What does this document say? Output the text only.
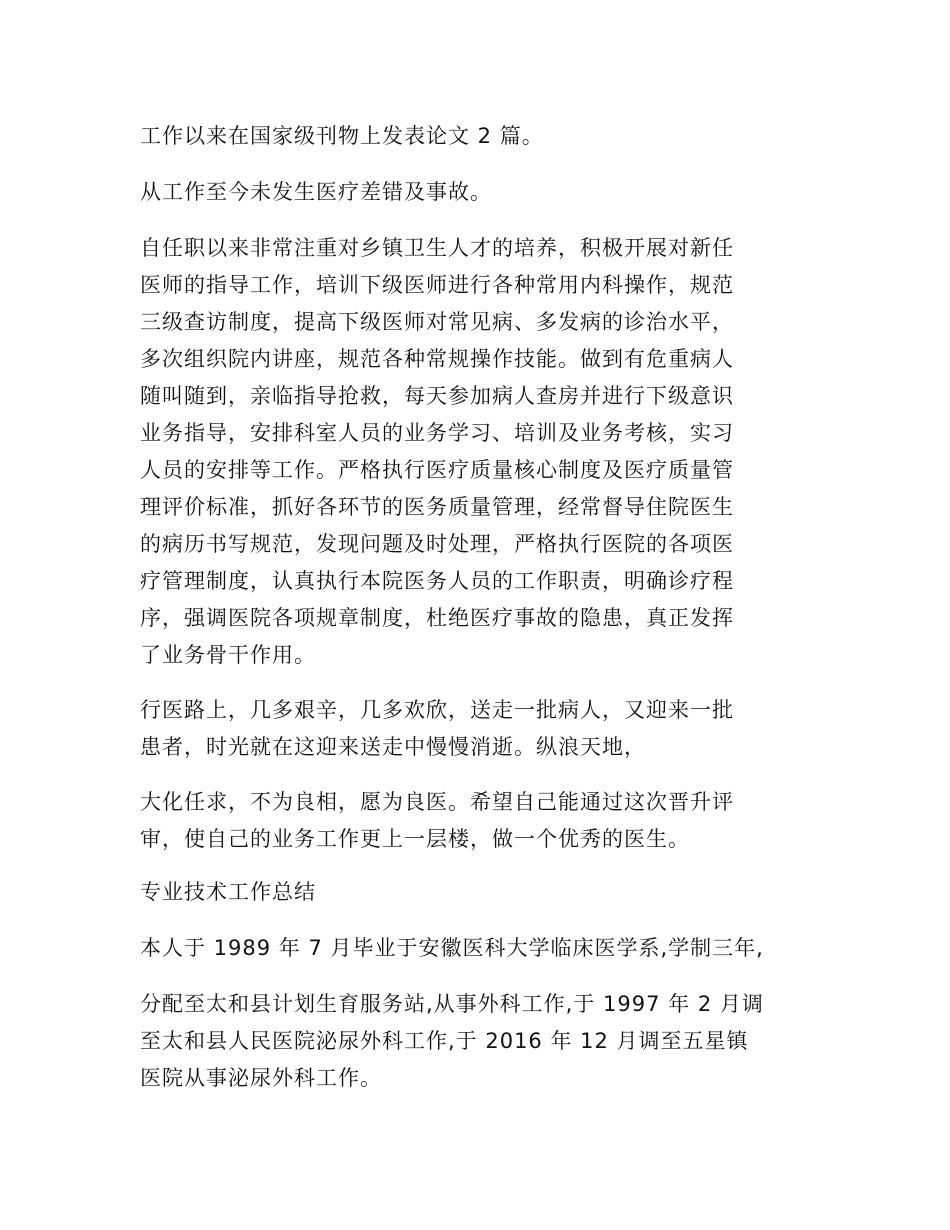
工作以来在国家级刊物上发表论文 2 篇。
从工作至今未发生医疗差错及事故。
自任职以来非常注重对乡镇卫生人才的培养，积极开展对新任
医师的指导工作，培训下级医师进行各种常用内科操作，规范
三级查访制度，提高下级医师对常见病、多发病的诊治水平，
多次组织院内讲座，规范各种常规操作技能。做到有危重病人
随叫随到，亲临指导抢救，每天参加病人查房并进行下级意识
业务指导，安排科室人员的业务学习、培训及业务考核，实习
人员的安排等工作。严格执行医疗质量核心制度及医疗质量管
理评价标准，抓好各环节的医务质量管理，经常督导住院医生
的病历书写规范，发现问题及时处理，严格执行医院的各项医
疗管理制度，认真执行本院医务人员的工作职责，明确诊疗程
序，强调医院各项规章制度，杜绝医疗事故的隐患，真正发挥
了业务骨干作用。
行医路上，几多艰辛，几多欢欣，送走一批病人，又迎来一批
患者，时光就在这迎来送走中慢慢消逝。纵浪天地，
大化任求，不为良相，愿为良医。希望自己能通过这次晋升评
审，使自己的业务工作更上一层楼，做一个优秀的医生。
专业技术工作总结
本人于 1989 年 7 月毕业于安徽医科大学临床医学系,学制三年,
分配至太和县计划生育服务站,从事外科工作,于 1997 年 2 月调
至太和县人民医院泌尿外科工作,于 2016 年 12 月调至五星镇
医院从事泌尿外科工作。
